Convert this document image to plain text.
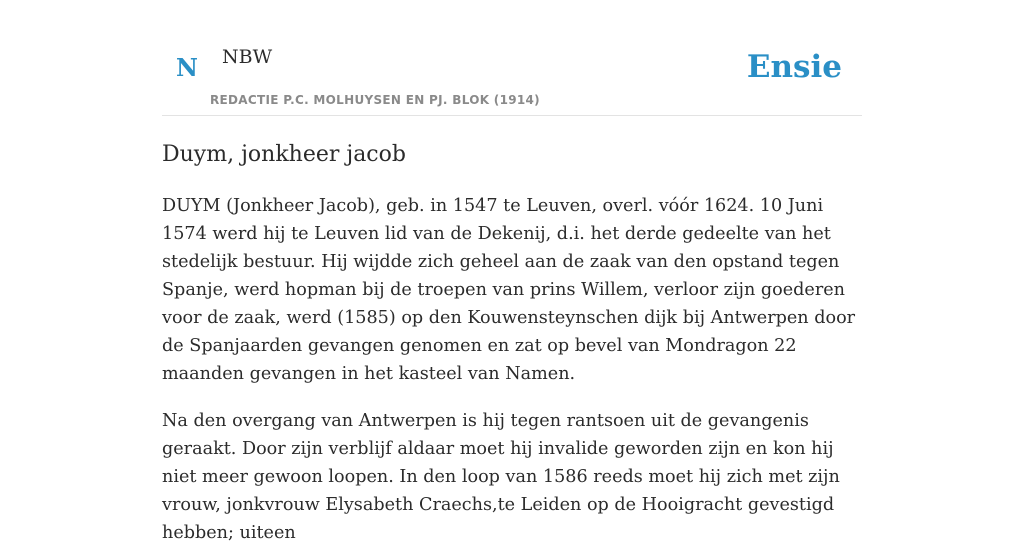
N NBW
REDACTIE P.C. MOLHUYSEN EN PJ. BLOK (1914)
Ensie
Duym, jonkheer jacob

DUYM (Jonkheer Jacob), geb. in 1547 te Leuven, overl. vóór 1624. 10 Juni 1574 werd hij te Leuven lid van de Dekenij, d.i. het derde gedeelte van het stedelijk bestuur. Hij wijdde zich geheel aan de zaak van den opstand tegen Spanje, werd hopman bij de troepen van prins Willem, verloor zijn goederen voor de zaak, werd (1585) op den Kouwensteynschen dijk bij Antwerpen door de Spanjaarden gevangen genomen en zat op bevel van Mondragon 22 maanden gevangen in het kasteel van Namen.

Na den overgang van Antwerpen is hij tegen rantsoen uit de gevangenis geraakt. Door zijn verblijf aldaar moet hij invalide geworden zijn en kon hij niet meer gewoon loopen. In den loop van 1586 reeds moet hij zich met zijn vrouw, jonkvrouw Elysabeth Craechs,te Leiden op de Hooigracht gevestigd hebben; uiteen
